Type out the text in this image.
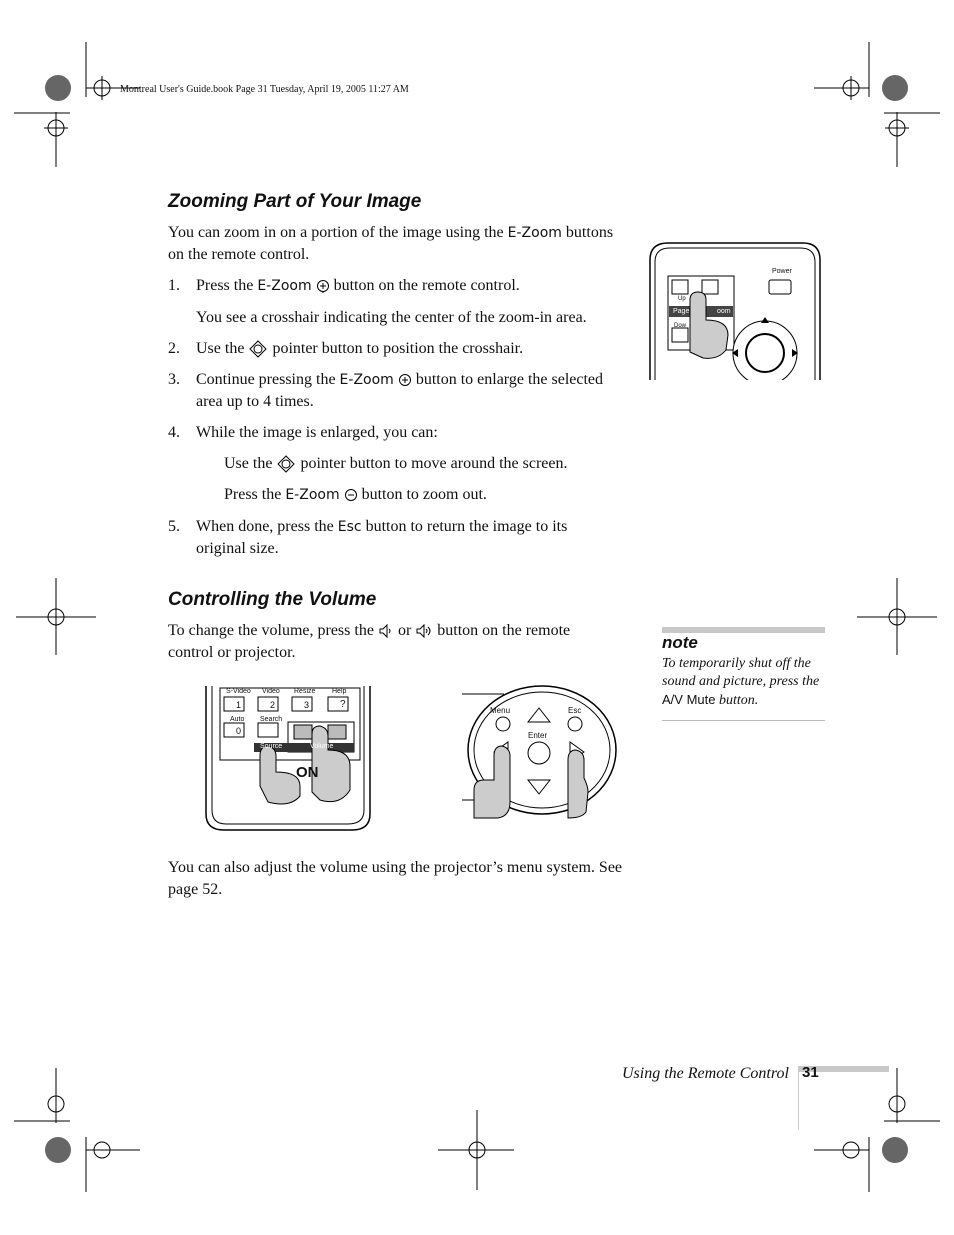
Montreal User's Guide.book Page 31 Tuesday, April 19, 2005 11:27 AM
Zooming Part of Your Image
You can zoom in on a portion of the image using the E-Zoom buttons
on the remote control.
1. Press the E-Zoom button on the remote control.
You see a crosshair indicating the center of the zoom-in area.
2. Use the pointer button to position the crosshair.
3. Continue pressing the E-Zoom button to enlarge the selected
area up to 4 times.
4. While the image is enlarged, you can:
Use the pointer button to move around the screen.
Press the E-Zoom button to zoom out.
5. When done, press the Esc button to return the image to its
original size.
Power
Up
Page	oom
Dow
Controlling the Volume
To change the volume, press the or button on the remote
control or projector.
S-Video Video Resize Help
1	2	3	?
Auto Search
0
Source	Volume
ON
Menu	Esc
Enter
You can also adjust the volume using the projector’s menu system. See
page 52.
note
To temporarily shut off the
sound and picture, press the
A/V Mute button.
Using the Remote Control 31
